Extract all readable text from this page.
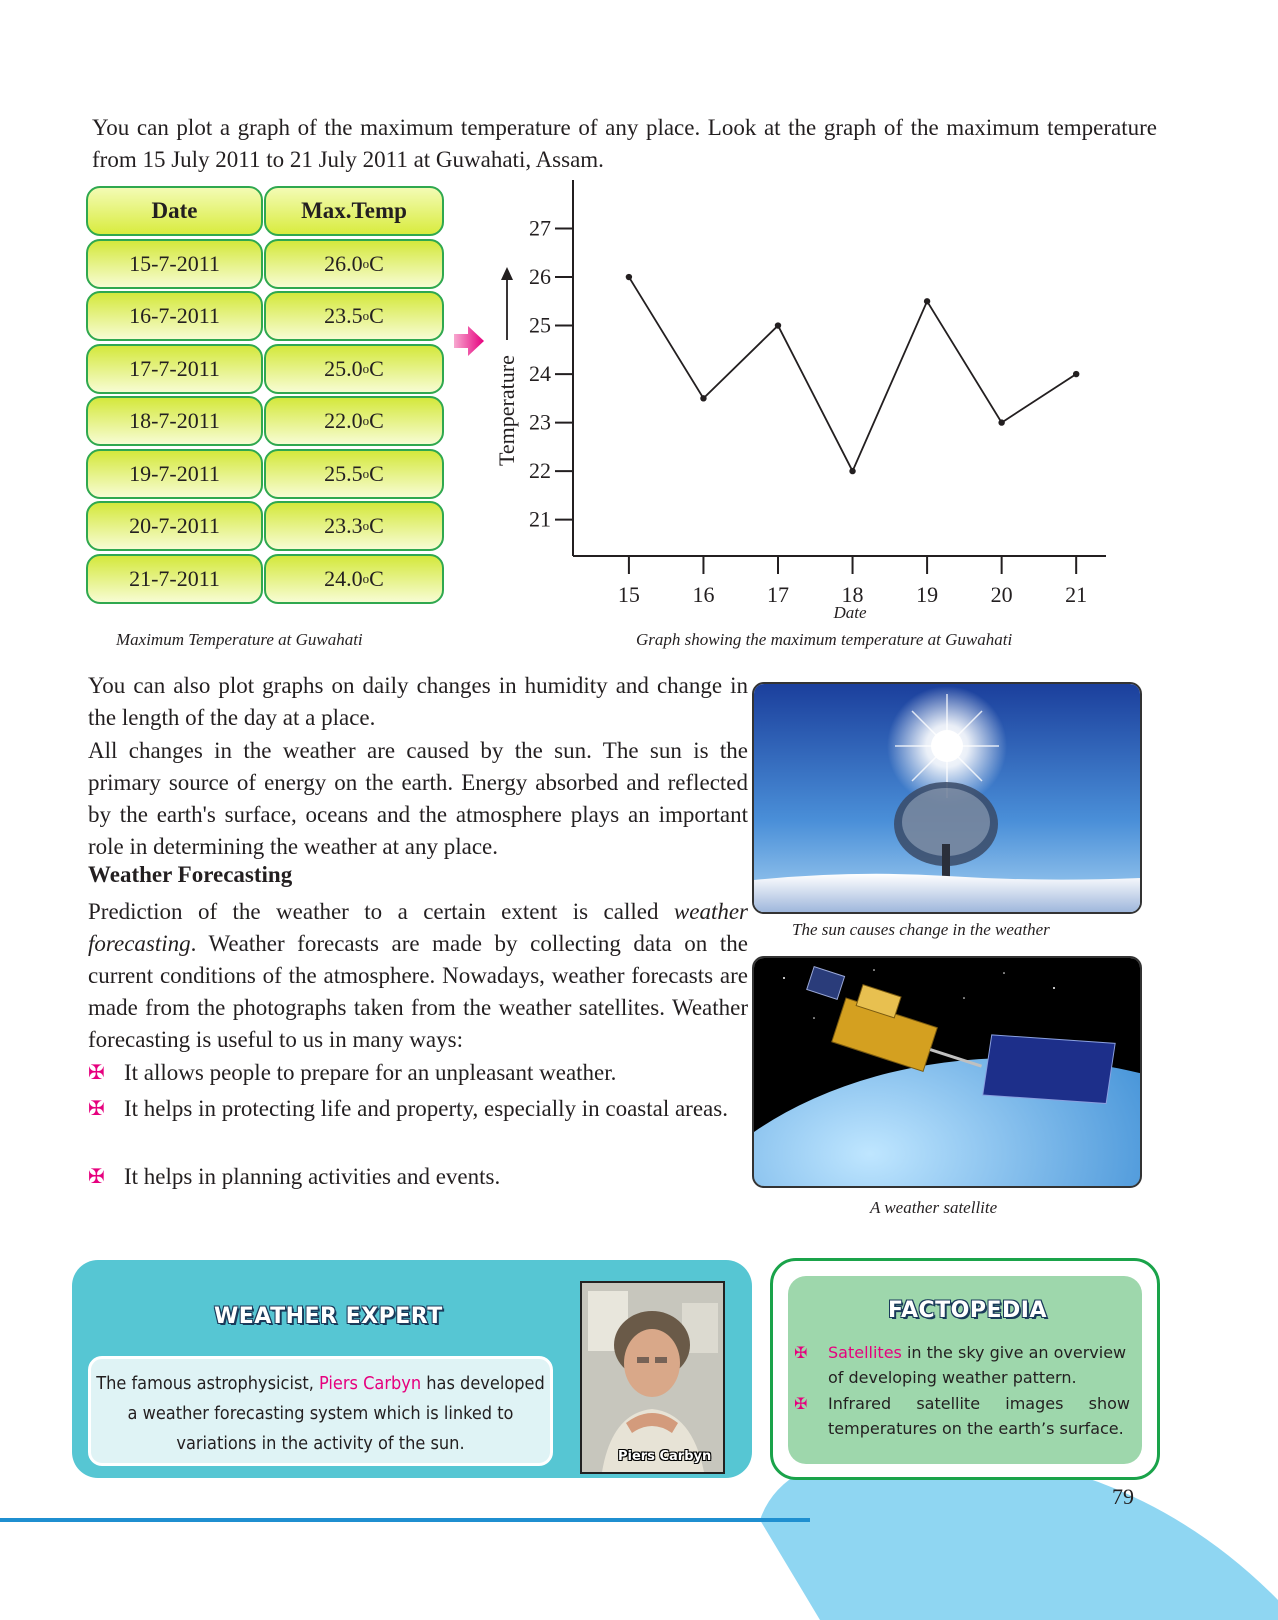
You can plot a graph of the maximum temperature of any place. Look at the graph of the maximum temperature from 15 July 2011 to 21 July 2011 at Guwahati, Assam.
Date	Max.Temp
15-7-2011	26.0 o C
16-7-2011	23.5 o C
17-7-2011	25.0 o C
18-7-2011	22.0 o C
19-7-2011	25.5 o C
20-7-2011	23.3 o C
21-7-2011	24.0 o C
Maximum Temperature at Guwahati
21
22
23
24
25
26
27
15 16 17 18 19 20 21
Temperature
Date
Graph showing the maximum temperature at Guwahati
You can also plot graphs on daily changes in humidity and change in the length of the day at a place.
All changes in the weather are caused by the sun. The sun is the primary source of energy on the earth. Energy absorbed and reflected by the earth's surface, oceans and the atmosphere plays an important role in determining the weather at any place.
Weather Forecasting
Prediction of the weather to a certain extent is called weather forecasting. Weather forecasts are made by collecting data on the current conditions of the atmosphere. Nowadays, weather forecasts are made from the photographs taken from the weather satellites. Weather forecasting is useful to us in many ways:
✠ It allows people to prepare for an unpleasant weather.
✠ It helps in protecting life and property, especially in coastal areas.
✠ It helps in planning activities and events.
The sun causes change in the weather
A weather satellite
WEATHER EXPERT
The famous astrophysicist, Piers Carbyn has developed a weather forecasting system which is linked to variations in the activity of the sun.
Piers Carbyn
FACTOPEDIA
✠	Satellites in the sky give an overview of developing weather pattern.
✠	Infrared satellite images show temperatures on the earth’s surface.
79
